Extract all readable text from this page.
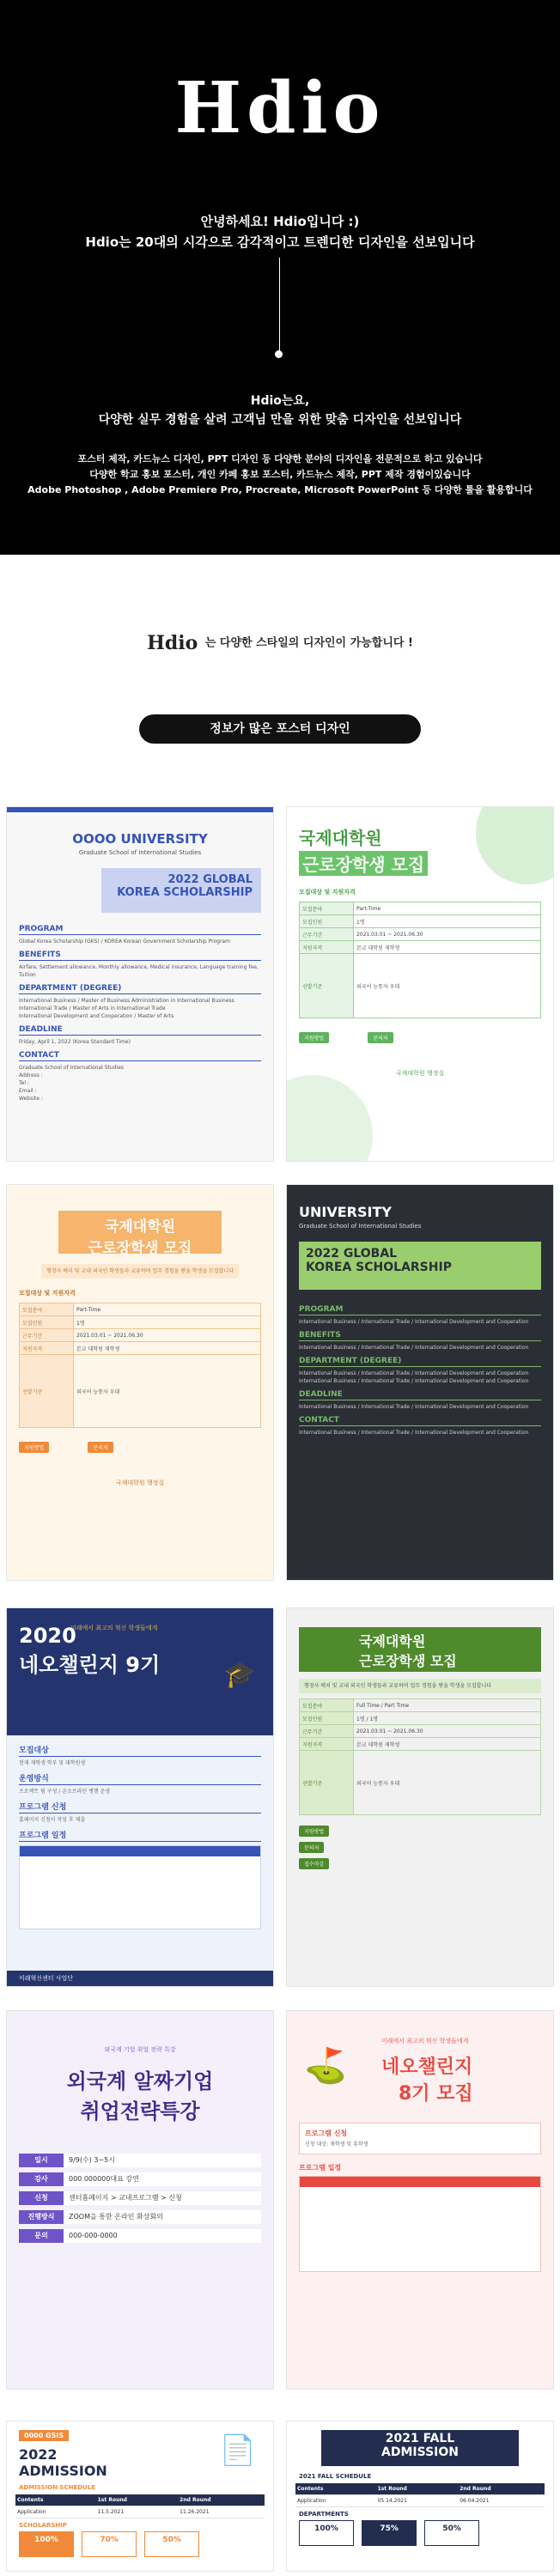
Hdio
안녕하세요! Hdio입니다 :)
Hdio는 20대의 시각으로 감각적이고 트렌디한 디자인을 선보입니다
Hdio는요,
다양한 실무 경험을 살려 고객님 만을 위한 맞춤 디자인을 선보입니다
포스터 제작, 카드뉴스 디자인, PPT 디자인 등 다양한 분야의 디자인을 전문적으로 하고 있습니다
다양한 학교 홍보 포스터, 개인 카페 홍보 포스터, 카드뉴스 제작, PPT 제작 경험이있습니다
Adobe Photoshop , Adobe Premiere Pro, Procreate, Microsoft PowerPoint 등 다양한 툴을 활용합니다
Hdio 는 다양한 스타일의 디자인이 가능합니다 !
정보가 많은 포스터 디자인
OOOO UNIVERSITY
Graduate School of International Studies
2022 GLOBAL
KOREA SCHOLARSHIP
PROGRAM
Global Korea Scholarship (GKS) / KOREA Korean Government Scholarship Program
BENEFITS
Airfare, Settlement allowance, Monthly allowance, Medical insurance, Language training fee, Tuition
DEPARTMENT (DEGREE)
International Business / Master of Business Administration in International Business
International Trade / Master of Arts in International Trade
International Development and Cooperation / Master of Arts
DEADLINE
Friday, April 1, 2022 (Korea Standard Time)
CONTACT
Graduate School of International Studies
Address :
Tel :
Email :
Website :
국제대학원
근로장학생 모집
모집대상 및 지원자격
모집분야	Part-Time
모집인원	1명
근무기간	2021.03.01 ~ 2021.06.30
지원자격	본교 대학원 재학생
선발기준	외국어 능통자 우대
지원방법	문의처
국제대학원 행정실
국제대학원
근로장학생 모집
행정사 배치 및 교내 외국인 학생들과 교류하며 업무 경험을 쌓을 학생을 모집합니다
모집대상 및 지원자격
모집분야	Part-Time
모집인원	1명
근무기간	2021.03.01 ~ 2021.06.30
지원자격	본교 대학원 재학생
선발기준	외국어 능통자 우대
지원방법	문의처
국제대학원 행정실
UNIVERSITY
Graduate School of International Studies
2022 GLOBAL
KOREA SCHOLARSHIP
PROGRAM
International Business / International Trade / International Development and Cooperation
BENEFITS
International Business / International Trade / International Development and Cooperation
DEPARTMENT (DEGREE)
International Business / International Trade / International Development and Cooperation
International Business / International Trade / International Development and Cooperation
DEADLINE
International Business / International Trade / International Development and Cooperation
CONTACT
International Business / International Trade / International Development and Cooperation
미래에서 최고의 혁신 학생들에게
2020
네오챌린지 9기	🎓
모집대상
현재 재학생 학부 및 대학원생
운영방식
프로젝트 팀 구성 / 온오프라인 병행 운영
프로그램 신청
홈페이지 신청서 작성 후 제출
프로그램 일정
미래혁신센터 사업단
국제대학원
근로장학생 모집
행정사 배치 및 교내 외국인 학생들과 교류하며 업무 경험을 쌓을 학생을 모집합니다
모집분야	Full Time / Part Time
모집인원	1명 / 1명
근무기간	2021.03.01 ~ 2021.06.30
지원자격	본교 대학원 재학생
선발기준	외국어 능통자 우대
지원방법
문의처
접수마감
외국계 기업 취업 전략 특강
외국계 알짜기업
취업전략특강
일시	9/9(수) 3~5시
강사	000 000000대표 강연
신청	센터홈페이지 > 교내프로그램 > 신청
진행방식	ZOOM을 통한 온라인 화상회의
문의	000-000-0000
미래에서 최고의 혁신 학생들에게
네오챌린지
8기 모집
⛳
프로그램 신청
신청 대상: 재학생 및 휴학생
프로그램 일정
0000 GSIS
2022
ADMISSION
📄
ADMISSION SCHEDULE
Contents	1st Round	2nd Round
Application	11.5.2021	11.26.2021
SCHOLARSHIP
100%
	70%
	50%
2021 FALL
ADMISSION
2021 FALL SCHEDULE
Contents	1st Round	2nd Round
Application	05.14.2021	06.04.2021
DEPARTMENTS
100%
	75%
	50%
